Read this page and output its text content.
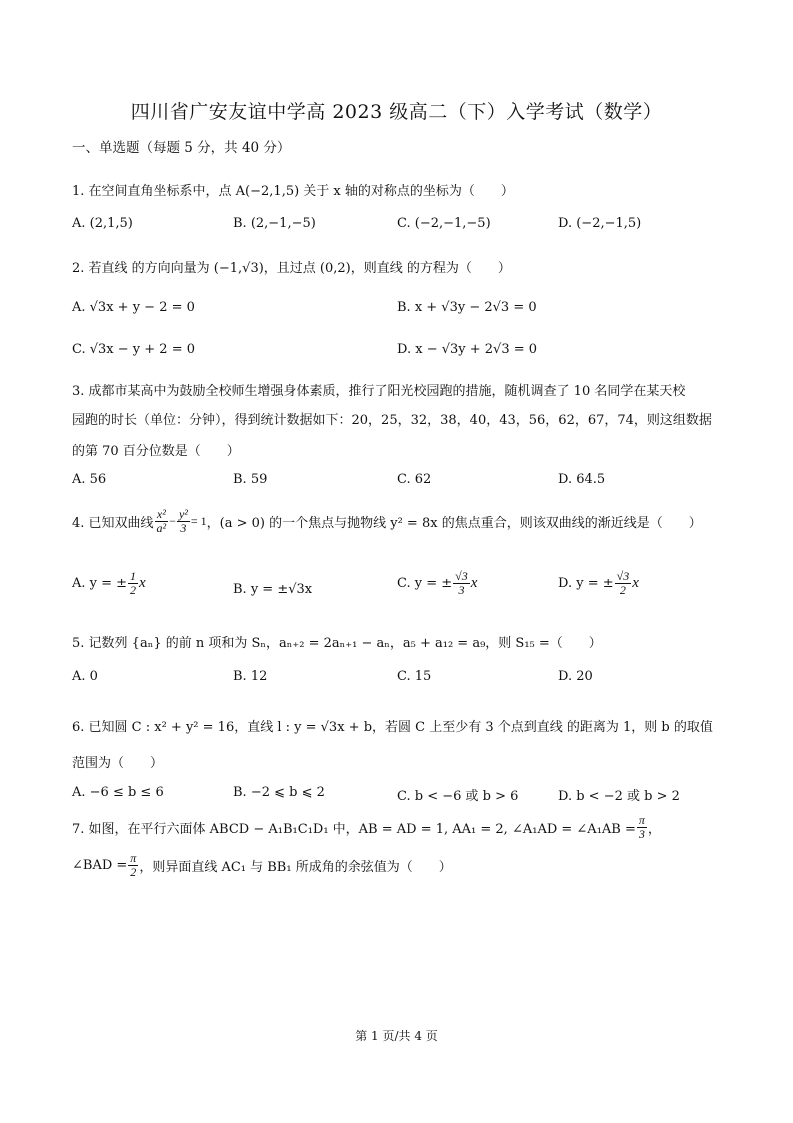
四川省广安友谊中学高 2023 级高二（下）入学考试（数学）
一、单选题（每题 5 分，共 40 分）
1. 在空间直角坐标系中，点 A(−2,1,5) 关于 x 轴的对称点的坐标为（　　）
A. (2,1,5)	B. (2,−1,−5)	C. (−2,−1,−5)	D. (−2,−1,5)
2. 若直线 的方向向量为 (−1,√3)，且过点 (0,2)，则直线 的方程为（　　）
A. √3x + y − 2 = 0	B. x + √3y − 2√3 = 0
C. √3x − y + 2 = 0	D. x − √3y + 2√3 = 0
3. 成都市某高中为鼓励全校师生增强身体素质，推行了阳光校园跑的措施，随机调查了 10 名同学在某天校
园跑的时长（单位：分钟），得到统计数据如下：20，25，32，38，40，43，56，62，67，74，则这组数据
的第 70 百分位数是（　　）
A. 56	B. 59	C. 62	D. 64.5
4. 已知双曲线 $\frac{\text{x²}}{\text{a²}} - \frac{\text{y²}}{3} = 1$ ，(a > 0) 的一个焦点与抛物线 y² = 8x 的焦点重合，则该双曲线的渐近线是（　　）
A. y = ± $\frac{1}{2}$ x	B. y = ±√3x	C. y = ± $\frac{√3}{3}$ x	D. y = ± $\frac{√3}{2}$ x
5. 记数列 {aₙ} 的前 n 项和为 Sₙ，aₙ₊₂ = 2aₙ₊₁ − aₙ，a₅ + a₁₂ = a₉，则 S₁₅ =（　　）
A. 0	B. 12	C. 15	D. 20
6. 已知圆 C : x² + y² = 16，直线 l : y = √3x + b，若圆 C 上至少有 3 个点到直线 的距离为 1，则 b 的取值
范围为（　　）
A. −6 ≤ b ≤ 6	B. −2 ⩽ b ⩽ 2	C. b < −6 或 b > 6	D. b < −2 或 b > 2
7. 如图，在平行六面体 ABCD − A₁B₁C₁D₁ 中，AB = AD = 1, AA₁ = 2, ∠A₁AD = ∠A₁AB = $\frac{\pi}{3}$ ，
∠BAD = $\frac{\pi}{2}$ ，则异面直线 AC₁ 与 BB₁ 所成角的余弦值为（　　）
第 1 页/共 4 页
